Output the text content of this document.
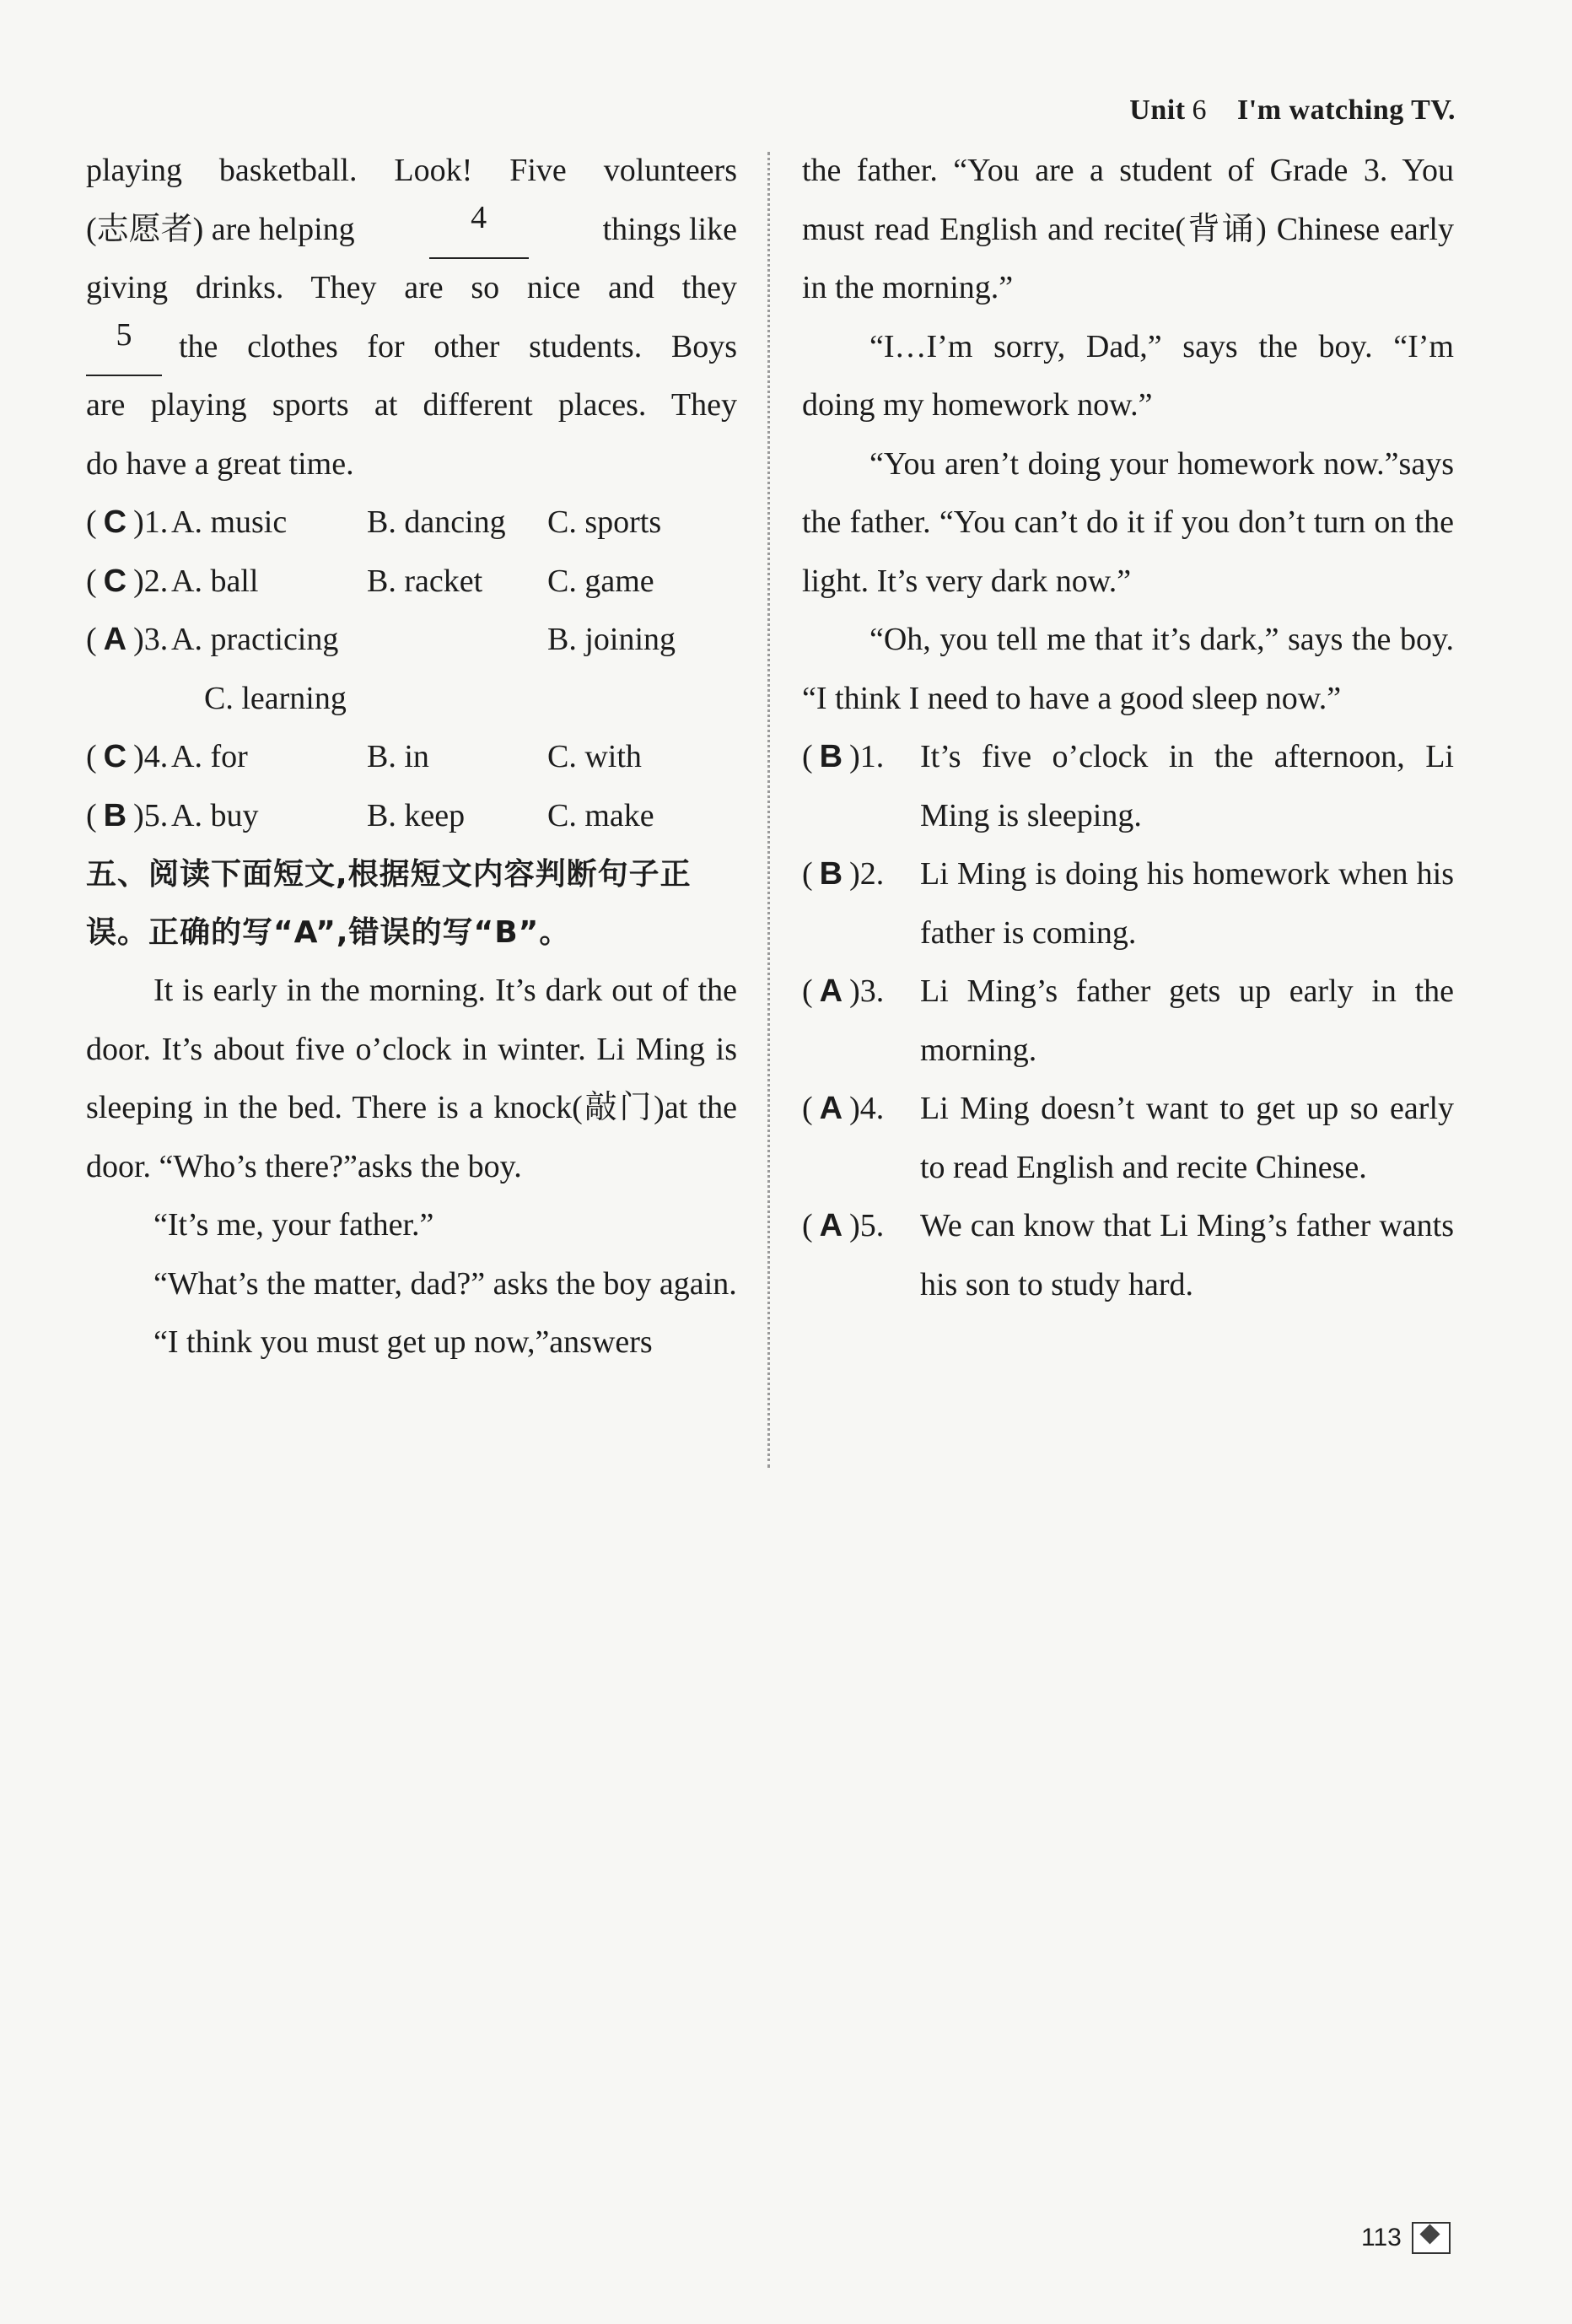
Unit 6 I'm watching TV.

playing basketball. Look! Five volunteers

(志愿者) are helping	4	things like

giving drinks. They are so nice and they

5	the clothes for other students. Boys

are playing sports at different places. They

do have a great time.

( C )1. A. music	B. dancing	C. sports
( C )2. A. ball	B. racket	C. game
( A )3. A. practicing	B. joining
C. learning
( C )4. A. for	B. in	C. with
( B )5. A. buy	B. keep	C. make
五、阅读下面短文,根据短文内容判断句子正
误。正确的写“A”,错误的写“B”。

It is early in the morning. It’s dark out of the door. It’s about five o’clock in winter. Li Ming is sleeping in the bed. There is a knock(敲门)at the door. “Who’s there?”asks the boy.

“It’s me, your father.”

“What’s the matter, dad?” asks the boy again.

“I think you must get up now,”answers

the father. “You are a student of Grade 3. You must read English and recite(背诵) Chinese early in the morning.”

“I…I’m sorry, Dad,” says the boy. “I’m doing my homework now.”

“You aren’t doing your homework now.”says the father. “You can’t do it if you don’t turn on the light. It’s very dark now.”

“Oh, you tell me that it’s dark,” says the boy. “I think I need to have a good sleep now.”

( B )1.	It’s five o’clock in the afternoon, Li Ming is sleeping.
( B )2.	Li Ming is doing his homework when his father is coming.
( A )3.	Li Ming’s father gets up early in the morning.
( A )4.	Li Ming doesn’t want to get up so early to read English and recite Chinese.
( A )5.	We can know that Li Ming’s father wants his son to study hard.
113
